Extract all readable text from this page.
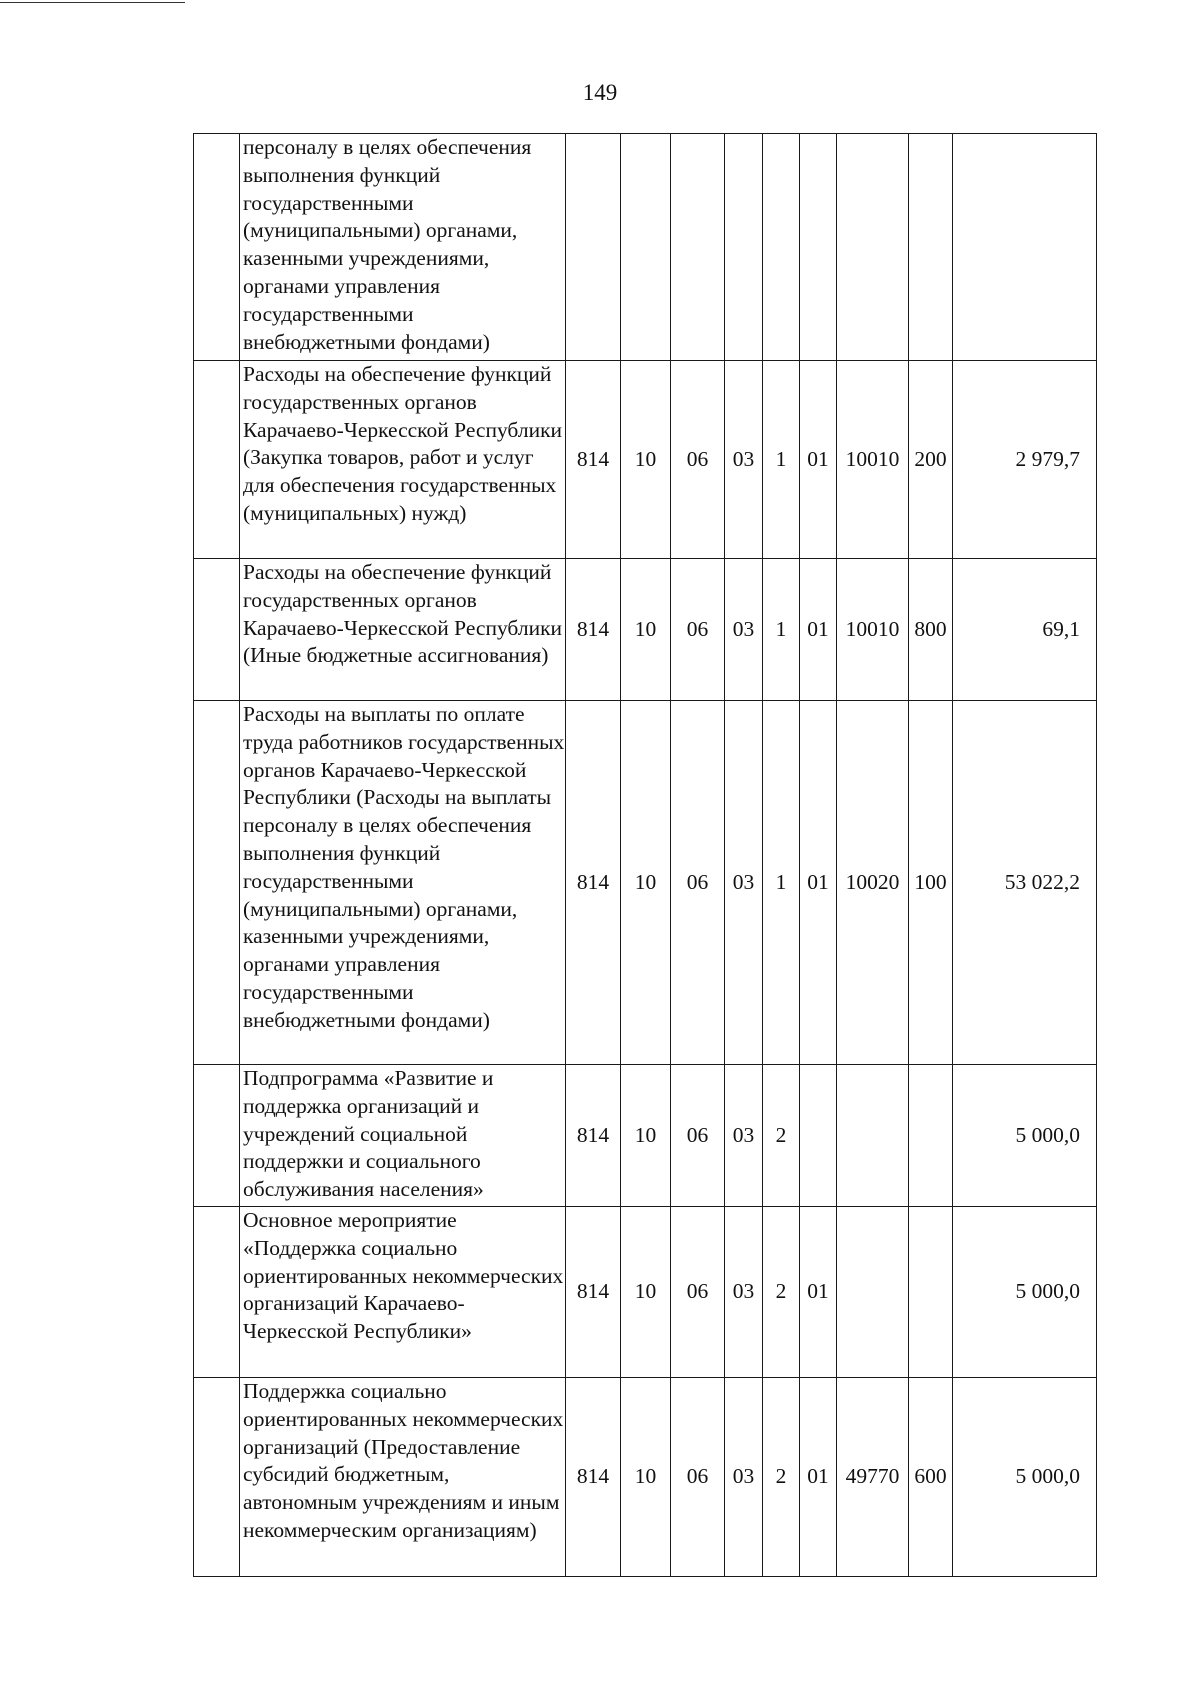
149
	персоналу в целях обеспечения выполнения функций государственными (муниципальными) органами, казенными учреждениями, органами управления государственными внебюджетными фондами)									
	Расходы на обеспечение функций государственных органов Карачаево-Черкесской Республики (Закупка товаров, работ и услуг для обеспечения государственных (муниципальных) нужд)	814	10	06	03	1	01	10010	200	2 979,7
	Расходы на обеспечение функций государственных органов Карачаево-Черкесской Республики (Иные бюджетные ассигнования)	814	10	06	03	1	01	10010	800	69,1
	Расходы на выплаты по оплате труда работников государственных органов Карачаево-Черкесской Республики (Расходы на выплаты персоналу в целях обеспечения выполнения функций государственными (муниципальными) органами, казенными учреждениями, органами управления государственными внебюджетными фондами)	814	10	06	03	1	01	10020	100	53 022,2
	Подпрограмма «Развитие и поддержка организаций и учреждений социальной поддержки и социального обслуживания населения»	814	10	06	03	2				5 000,0
	Основное мероприятие «Поддержка социально ориентированных некоммерческих организаций Карачаево-Черкесской Республики»	814	10	06	03	2	01			5 000,0
	Поддержка социально ориентированных некоммерческих организаций (Предоставление субсидий бюджетным, автономным учреждениям и иным некоммерческим организациям)	814	10	06	03	2	01	49770	600	5 000,0
